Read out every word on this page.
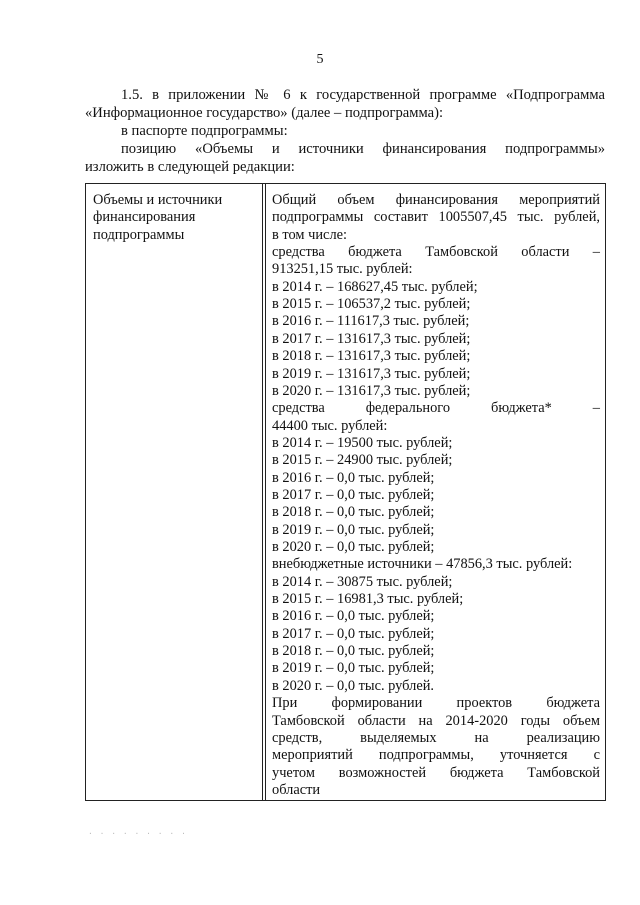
5
1.5. в приложении № 6 к государственной программе «Подпрограмма
«Информационное государство» (далее – подпрограмма):
в паспорте подпрограммы:
позицию «Объемы и источники финансирования подпрограммы»
изложить в следующей редакции:
Объемы и источники
финансирования
подпрограммы
Общий объем финансирования мероприятий
подпрограммы составит 1005507,45 тыс. рублей,
в том числе:
средства бюджета Тамбовской области –
913251,15 тыс. рублей:
в 2014 г. – 168627,45 тыс. рублей;
в 2015 г. – 106537,2 тыс. рублей;
в 2016 г. – 111617,3 тыс. рублей;
в 2017 г. – 131617,3 тыс. рублей;
в 2018 г. – 131617,3 тыс. рублей;
в 2019 г. – 131617,3 тыс. рублей;
в 2020 г. – 131617,3 тыс. рублей;
средства федерального бюджета* –
44400 тыс. рублей:
в 2014 г. – 19500 тыс. рублей;
в 2015 г. – 24900 тыс. рублей;
в 2016 г. – 0,0 тыс. рублей;
в 2017 г. – 0,0 тыс. рублей;
в 2018 г. – 0,0 тыс. рублей;
в 2019 г. – 0,0 тыс. рублей;
в 2020 г. – 0,0 тыс. рублей;
внебюджетные источники – 47856,3 тыс. рублей:
в 2014 г. – 30875 тыс. рублей;
в 2015 г. – 16981,3 тыс. рублей;
в 2016 г. – 0,0 тыс. рублей;
в 2017 г. – 0,0 тыс. рублей;
в 2018 г. – 0,0 тыс. рублей;
в 2019 г. – 0,0 тыс. рублей;
в 2020 г. – 0,0 тыс. рублей.
При формировании проектов бюджета
Тамбовской области на 2014-2020 годы объем
средств, выделяемых на реализацию
мероприятий подпрограммы, уточняется с
учетом возможностей бюджета Тамбовской
области
· · · · · · · · ·
